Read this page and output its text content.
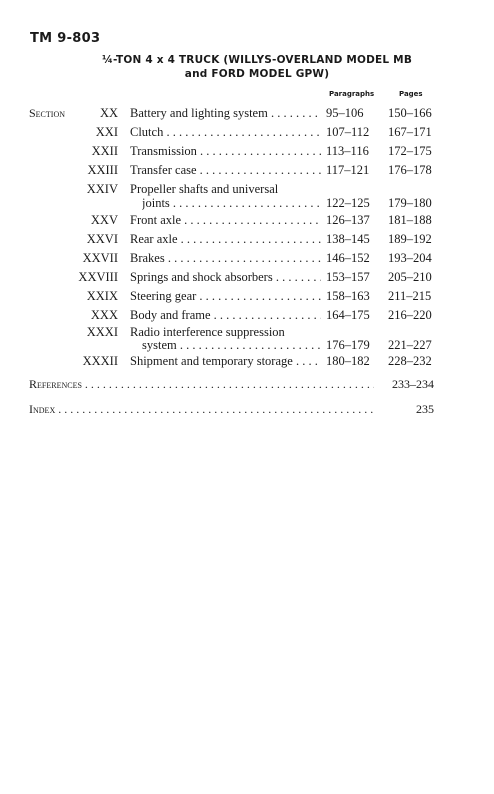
TM 9-803
¼-TON 4 x 4 TRUCK (WILLYS-OVERLAND MODEL MB
and FORD MODEL GPW)
Paragraphs	Pages
Section	XX Battery and lighting system . . .	95–106	150–166
XXI Clutch . . .	107–112	167–171
XXII Transmission . . .	113–116	172–175
XXIII Transfer case . . .	117–121	176–178
XXIV Propeller shafts and universal
joints . . .	122–125	179–180
XXV Front axle . . .	126–137	181–188
XXVI Rear axle . . .	138–145	189–192
XXVII Brakes . . .	146–152	193–204
XXVIII Springs and shock absorbers . . .	153–157	205–210
XXIX Steering gear . . .	158–163	211–215
XXX Body and frame . . .	164–175	216–220
XXXI Radio interference suppression
system . . .	176–179	221–227
XXXII Shipment and temporary storage . . .	180–182	228–232
References . . .	233–234
Index . . .	235
